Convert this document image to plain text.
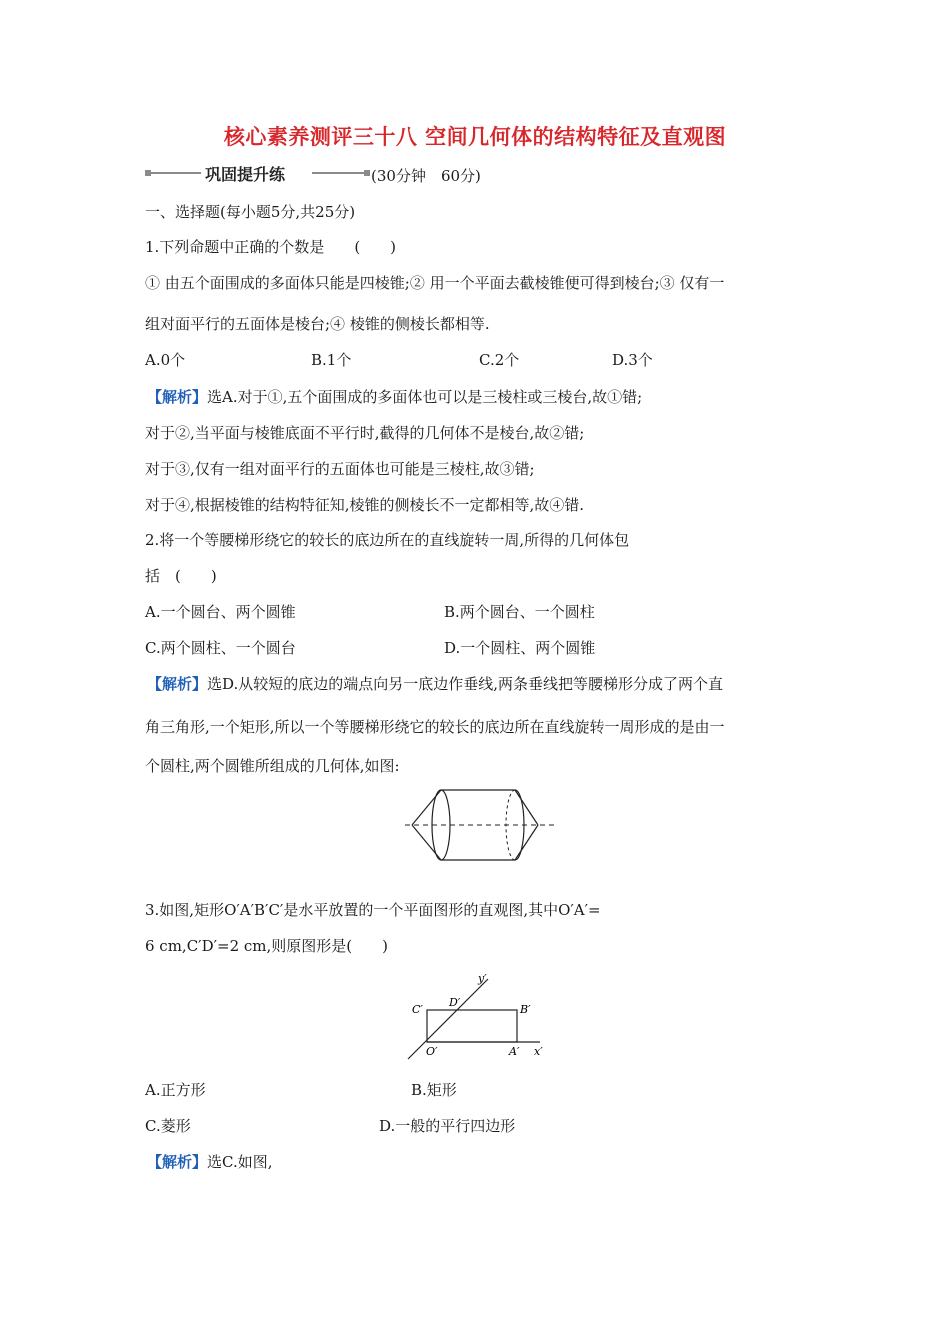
核心素养测评三十八 空间几何体的结构特征及直观图
巩固提升练	(30分钟　60分)
一、选择题(每小题5分,共25分)
1.下列命题中正确的个数是　　(　　)
① 由五个面围成的多面体只能是四棱锥;② 用一个平面去截棱锥便可得到棱台;③ 仅有一
组对面平行的五面体是棱台;④ 棱锥的侧棱长都相等.
A.0个	B.1个	C.2个	D.3个
【解析】选A.对于①,五个面围成的多面体也可以是三棱柱或三棱台,故①错;
对于②,当平面与棱锥底面不平行时,截得的几何体不是棱台,故②错;
对于③,仅有一组对面平行的五面体也可能是三棱柱,故③错;
对于④,根据棱锥的结构特征知,棱锥的侧棱长不一定都相等,故④错.
2.将一个等腰梯形绕它的较长的底边所在的直线旋转一周,所得的几何体包
括　(　　)
A.一个圆台、两个圆锥	B.两个圆台、一个圆柱
C.两个圆柱、一个圆台	D.一个圆柱、两个圆锥
【解析】选D.从较短的底边的端点向另一底边作垂线,两条垂线把等腰梯形分成了两个直
角三角形,一个矩形,所以一个等腰梯形绕它的较长的底边所在直线旋转一周形成的是由一
个圆柱,两个圆锥所组成的几何体,如图:
3.如图,矩形O′A′B′C′是水平放置的一个平面图形的直观图,其中O′A′=
6 cm,C′D′=2 cm,则原图形是(　　)
y′
D′
C′	B′
O′	A′ x′
A.正方形	B.矩形
C.菱形	D.一般的平行四边形
【解析】选C.如图,
